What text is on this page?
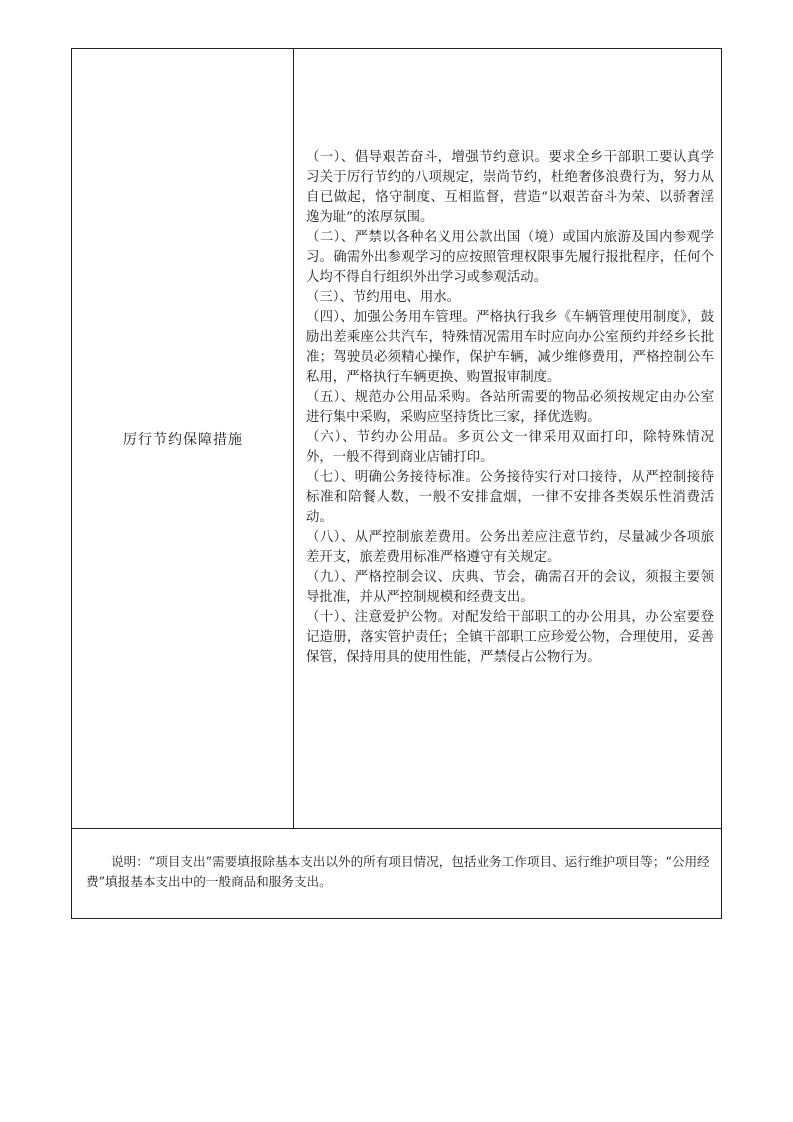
厉行节约保障措施

（一）、倡导艰苦奋斗，增强节约意识。要求全乡干部职工要认真学习关于厉行节约的八项规定，崇尚节约，杜绝奢侈浪费行为，努力从自已做起，恪守制度、互相监督，营造“以艰苦奋斗为荣、以骄奢淫逸为耻”的浓厚氛围。

（二）、严禁以各种名义用公款出国（境）或国内旅游及国内参观学习。确需外出参观学习的应按照管理权限事先履行报批程序，任何个人均不得自行组织外出学习或参观活动。

（三）、节约用电、用水。

（四）、加强公务用车管理。严格执行我乡《车辆管理使用制度》，鼓励出差乘座公共汽车，特殊情况需用车时应向办公室预约并经乡长批准；驾驶员必须精心操作，保护车辆，减少维修费用，严格控制公车私用，严格执行车辆更换、购置报审制度。

（五）、规范办公用品采购。各站所需要的物品必须按规定由办公室进行集中采购，采购应坚持货比三家，择优选购。

（六）、节约办公用品。多页公文一律采用双面打印，除特殊情况外，一般不得到商业店铺打印。

（七）、明确公务接待标准。公务接待实行对口接待，从严控制接待标准和陪餐人数，一般不安排盒烟，一律不安排各类娱乐性消费活动。

（八）、从严控制旅差费用。公务出差应注意节约，尽量减少各项旅差开支，旅差费用标准严格遵守有关规定。

（九）、严格控制会议、庆典、节会，确需召开的会议，须报主要领导批准，并从严控制规模和经费支出。

（十）、注意爱护公物。对配发给干部职工的办公用具，办公室要登记造册，落实管护责任；全镇干部职工应珍爱公物，合理使用，妥善保管，保持用具的使用性能，严禁侵占公物行为。

说明：“项目支出”需要填报除基本支出以外的所有项目情况，包括业务工作项目、运行维护项目等；“公用经费”填报基本支出中的一般商品和服务支出。
